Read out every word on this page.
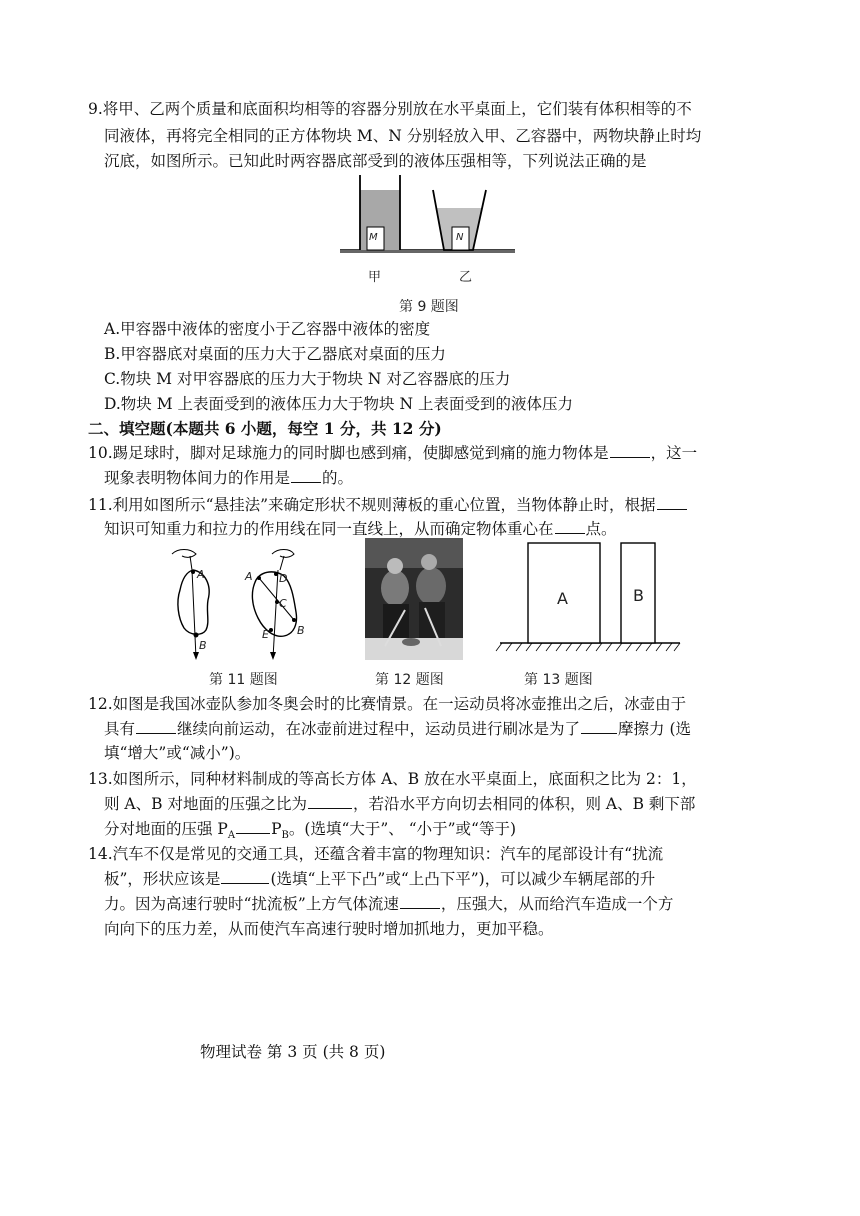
9.将甲、乙两个质量和底面积均相等的容器分别放在水平桌面上，它们装有体积相等的不
同液体，再将完全相同的正方体物块 M、N 分别轻放入甲、乙容器中，两物块静止时均
沉底，如图所示。已知此时两容器底部受到的液体压强相等，下列说法正确的是
M	N
甲	乙
第 9 题图
A.甲容器中液体的密度小于乙容器中液体的密度
B.甲容器底对桌面的压力大于乙器底对桌面的压力
C.物块 M 对甲容器底的压力大于物块 N 对乙容器底的压力
D.物块 M 上表面受到的液体压力大于物块 N 上表面受到的液体压力
二、填空题(本题共 6 小题，每空 1 分，共 12 分)
10.踢足球时，脚对足球施力的同时脚也感到痛，使脚感觉到痛的施力物体是	，这一
现象表明物体间力的作用是 的。
11.利用如图所示“悬挂法”来确定形状不规则薄板的重心位置，当物体静止时，根据
知识可知重力和拉力的作用线在同一直线上，从而确定物体重心在 点。
A
B
A D
C
E	B
第 11 题图	第 12 题图
A	B
第 13 题图
12.如图是我国冰壶队参加冬奥会时的比赛情景。在一运动员将冰壶推出之后，冰壶由于
具有	继续向前运动，在冰壶前进过程中，运动员进行刷冰是为了 摩擦力 (选
填“增大”或“减小”)。
13.如图所示，同种材料制成的等高长方体 A、B 放在水平桌面上，底面积之比为 2：1，
则 A、B 对地面的压强之比为	，若沿水平方向切去相同的体积，则 A、B 剩下部
分对地面的压强 $P_A$ $P_B$。(选填“大于”、 “小于”或“等于)
14.汽车不仅是常见的交通工具，还蕴含着丰富的物理知识：汽车的尾部设计有“扰流
板”，形状应该是	(选填“上平下凸”或“上凸下平”)，可以减少车辆尾部的升
力。因为高速行驶时“扰流板”上方气体流速	，压强大，从而给汽车造成一个方
向向下的压力差，从而使汽车高速行驶时增加抓地力，更加平稳。
物理试卷 第 3 页 (共 8 页)
